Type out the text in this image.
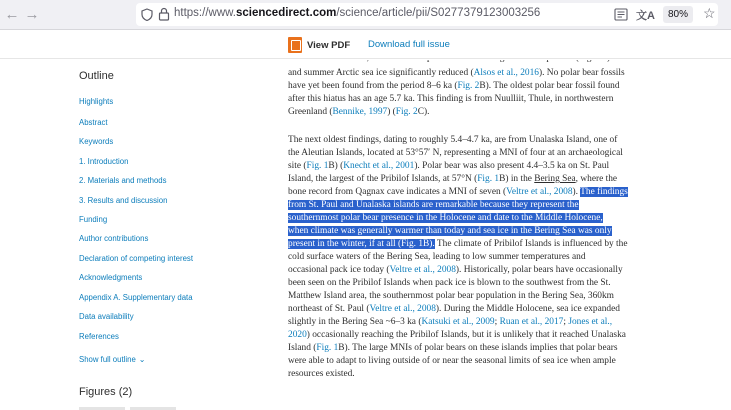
← →	https://www.sciencedirect.com/science/article/pii/S0277379123003256	文A	80%	☆
View PDF Download full issue
Outline
Highlights
Abstract
Keywords
1. Introduction
2. Materials and methods
3. Results and discussion
Funding
Author contributions
Declaration of competing interest
Acknowledgments
Appendix A. Supplementary data
Data availability
References
Show full outline ⌄
Figures (2)
and summer Arctic sea ice significantly reduced (Alsos et al., 2016). No polar bear fossils
have yet been found from the period 8–6 ka (Fig. 2B). The oldest polar bear fossil found
after this hiatus has an age 5.7 ka. This finding is from Nuulliit, Thule, in northwestern
Greenland (Bennike, 1997) (Fig. 2C).
The next oldest findings, dating to roughly 5.4–4.7 ka, are from Unalaska Island, one of
the Aleutian Islands, located at 53°57′ N, representing a MNI of four at an archaeological
site (Fig. 1B) (Knecht et al., 2001). Polar bear was also present 4.4–3.5 ka on St. Paul
Island, the largest of the Pribilof Islands, at 57°N (Fig. 1B) in the Bering Sea, where the
bone record from Qagnax cave indicates a MNI of seven (Veltre et al., 2008). The findings
from St. Paul and Unalaska islands are remarkable because they represent the
southernmost polar bear presence in the Holocene and date to the Middle Holocene,
when climate was generally warmer than today and sea ice in the Bering Sea was only
present in the winter, if at all (Fig. 1B). The climate of Pribilof Islands is influenced by the
cold surface waters of the Bering Sea, leading to low summer temperatures and
occasional pack ice today (Veltre et al., 2008). Historically, polar bears have occasionally
been seen on the Pribilof Islands when pack ice is blown to the southwest from the St.
Matthew Island area, the southernmost polar bear population in the Bering Sea, 360km
northeast of St. Paul (Veltre et al., 2008). During the Middle Holocene, sea ice expanded
slightly in the Bering Sea ~6–3 ka (Katsuki et al., 2009; Ruan et al., 2017; Jones et al.,
2020) occasionally reaching the Pribilof Islands, but it is unlikely that it reached Unalaska
Island (Fig. 1B). The large MNIs of polar bears on these islands implies that polar bears
were able to adapt to living outside of or near the seasonal limits of sea ice when ample
resources existed.
